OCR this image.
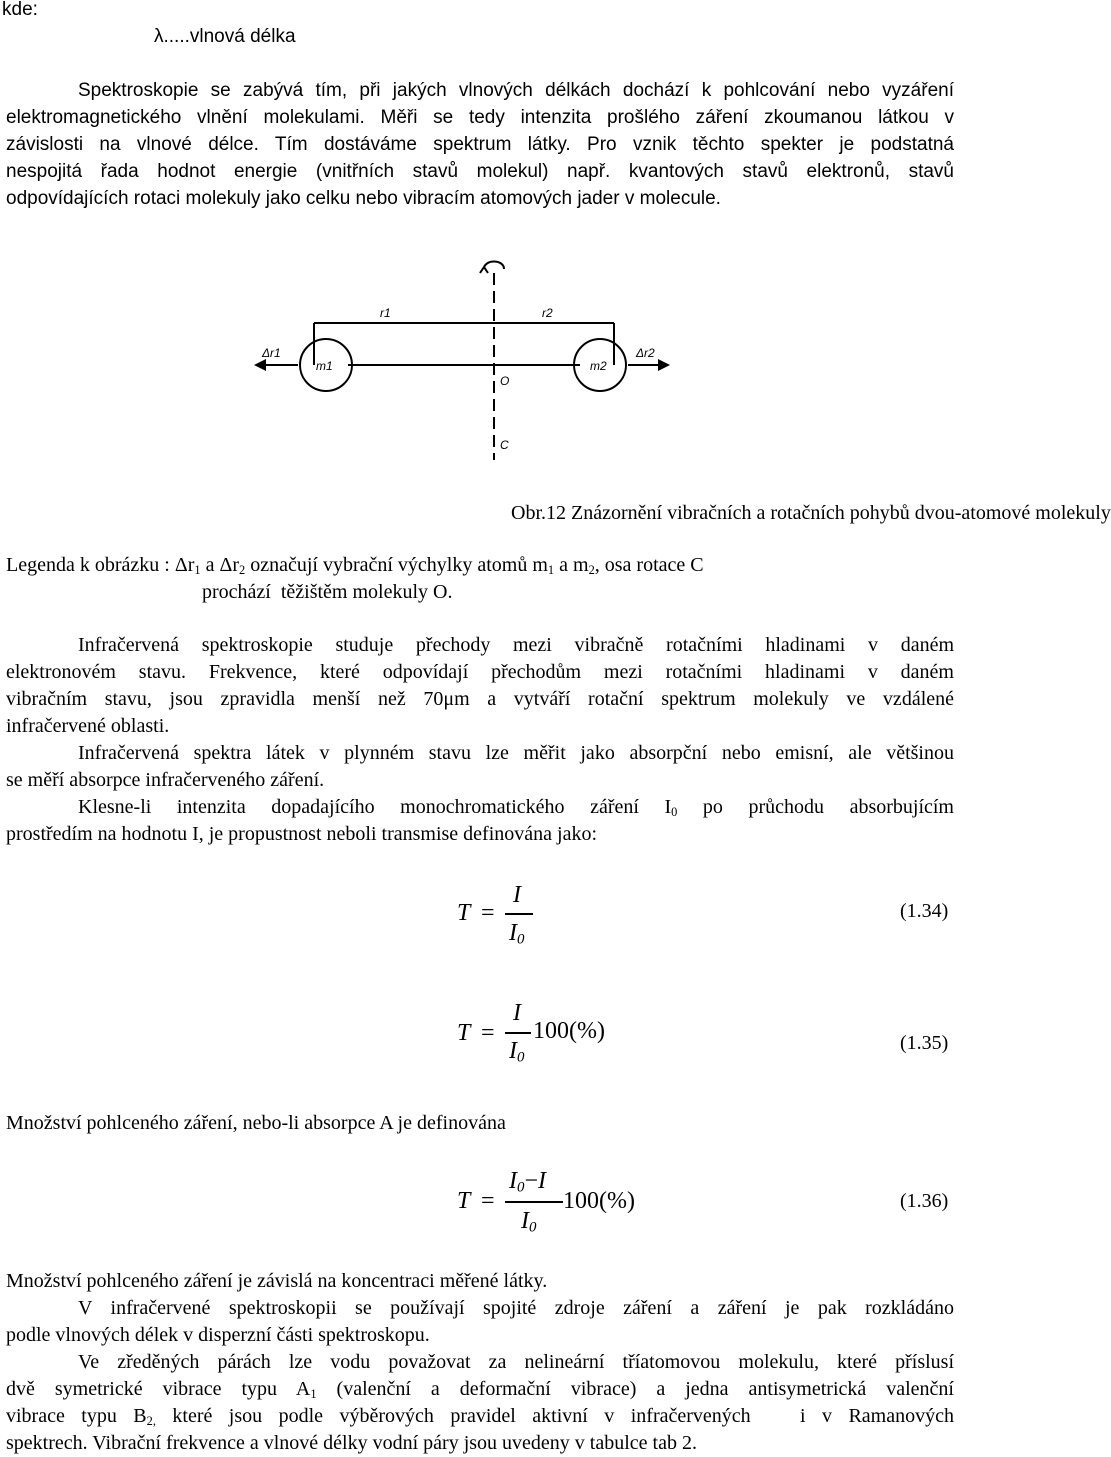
kde:
λ.....vlnová délka
Spektroskopie se zabývá tím, při jakých vlnových délkách dochází k pohlcování nebo vyzáření
elektromagnetického vlnění molekulami. Měři se tedy intenzita prošlého záření zkoumanou látkou v
závislosti na vlnové délce. Tím dostáváme spektrum látky. Pro vznik těchto spekter je podstatná
nespojitá řada hodnot energie (vnitřních stavů molekul) např. kvantových stavů elektronů, stavů
odpovídajících rotaci molekuly jako celku nebo vibracím atomových jader v molecule.
r1	r2
Δr1	Δr2
m1	m2
O
C
Obr.12 Znázornění vibračních a rotačních pohybů dvou-atomové molekuly
Legenda k obrázku : $\Delta r_1$ a $\Delta r_2$ označují vybrační výchylky atomů $m_1$ a $m_2$, osa rotace C
prochází  těžištěm molekuly O.
Infračervená spektroskopie studuje přechody mezi vibračně rotačními hladinami v daném
elektronovém stavu. Frekvence, které odpovídají přechodům mezi rotačními hladinami v daném
vibračním stavu, jsou zpravidla menší než 70μm a vytváří rotační spektrum molekuly ve vzdálené
infračervené oblasti.
Infračervená spektra látek v plynném stavu lze měřit jako absorpční nebo emisní, ale většinou
se měří absorpce infračerveného záření.
Klesne-li intenzita dopadajícího monochromatického záření $I_0$ po průchodu absorbujícím
prostředím na hodnotu I, je propustnost neboli transmise definována jako:
T =
I
$I_0$
(1.34)
T =
I
$I_0$
100(%)	(1.35)
Množství pohlceného záření, nebo-li absorpce A je definována
T =
$I_0-I$
$I_0$
100(%)	(1.36)
Množství pohlceného záření je závislá na koncentraci měřené látky.
V infračervené spektroskopii se používají spojité zdroje záření a záření je pak rozkládáno
podle vlnových délek v disperzní části spektroskopu.
Ve zředěných párách lze vodu považovat za nelineární tříatomovou molekulu, které příslusí
dvě symetrické vibrace typu $A_1$ (valenční a deformační vibrace) a jedna antisymetrická valenční
vibrace typu $B_{2,}$ které jsou podle výběrových pravidel aktivní v infračervených   i v Ramanových
spektrech. Vibrační frekvence a vlnové délky vodní páry jsou uvedeny v tabulce tab 2.
